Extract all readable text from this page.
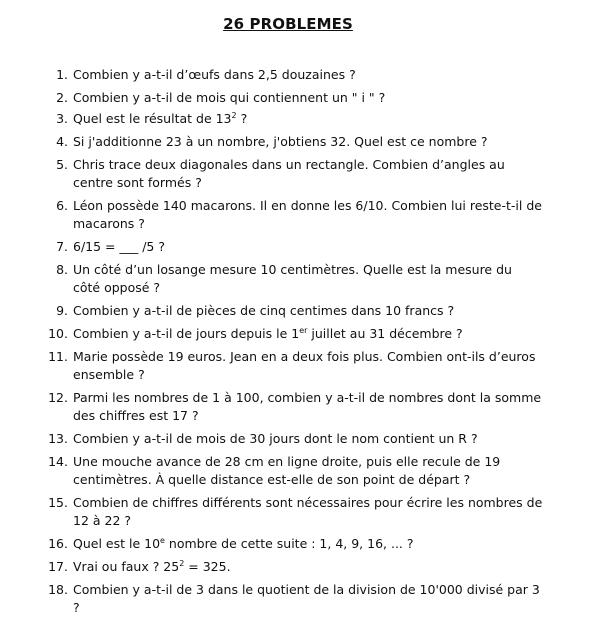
26 PROBLEMES
1. Combien y a-t-il d’œufs dans 2,5 douzaines ?
2. Combien y a-t-il de mois qui contiennent un " i " ?
3. Quel est le résultat de $13^2$ ?
4. Si j'additionne 23 à un nombre, j'obtiens 32. Quel est ce nombre ?
5. Chris trace deux diagonales dans un rectangle. Combien d’angles au centre sont formés ?
6. Léon possède 140 macarons. Il en donne les 6/10. Combien lui reste-t-il de macarons ?
7. 6/15 = ___ /5 ?
8. Un côté d’un losange mesure 10 centimètres. Quelle est la mesure du côté opposé ?
9. Combien y a-t-il de pièces de cinq centimes dans 10 francs ?
10. Combien y a-t-il de jours depuis le 1er juillet au 31 décembre ?
11. Marie possède 19 euros. Jean en a deux fois plus. Combien ont-ils d’euros ensemble ?
12. Parmi les nombres de 1 à 100, combien y a-t-il de nombres dont la somme des chiffres est 17 ?
13. Combien y a-t-il de mois de 30 jours dont le nom contient un R ?
14. Une mouche avance de 28 cm en ligne droite, puis elle recule de 19 centimètres. À quelle distance est-elle de son point de départ ?
15. Combien de chiffres différents sont nécessaires pour écrire les nombres de 12 à 22 ?
16. Quel est le 10e nombre de cette suite : 1, 4, 9, 16, ... ?
17. Vrai ou faux ? $25^2 = 325$.
18. Combien y a-t-il de 3 dans le quotient de la division de 10'000 divisé par 3 ?
